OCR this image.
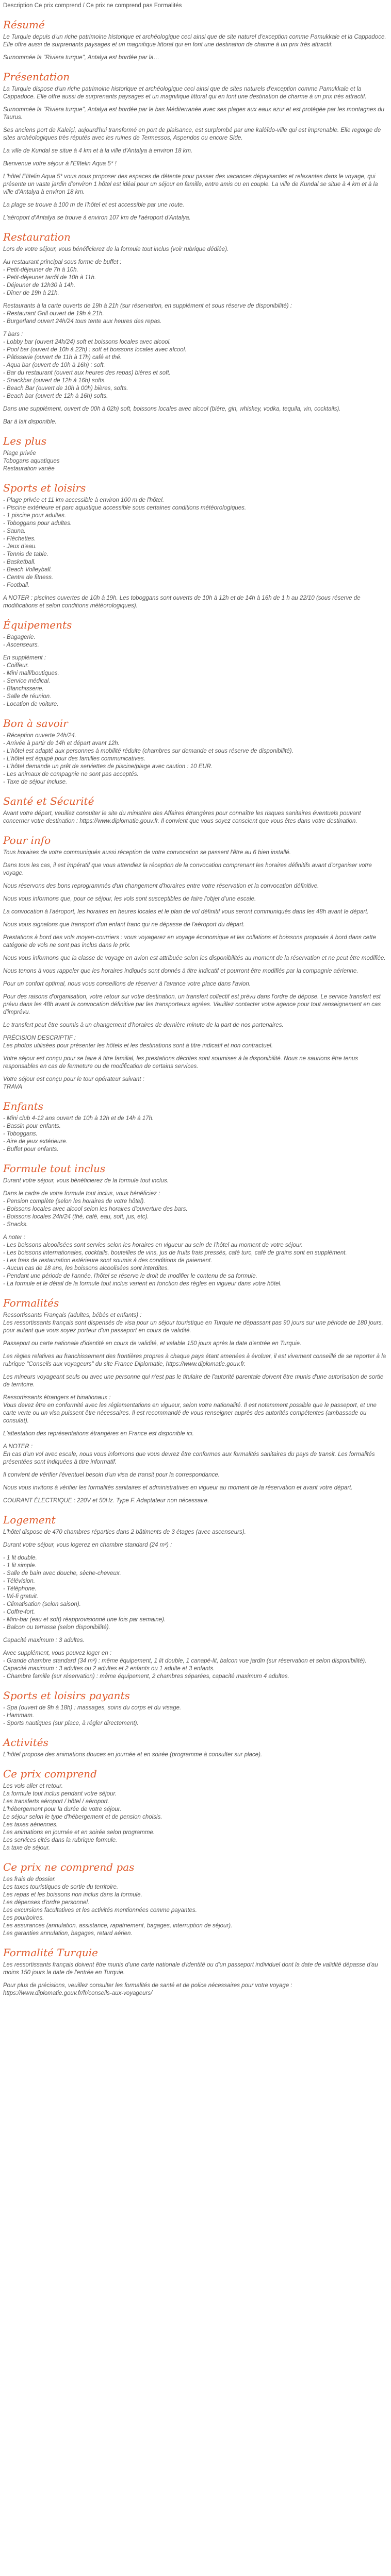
Description Ce prix comprend / Ce prix ne comprend pas Formalités
Résumé

Le Turquie depuis d'un riche patrimoine historique et archéologique ceci ainsi que de site naturel d'exception comme Pamukkale et la Cappadoce. Elle offre aussi de surprenants paysages et un magnifique littoral qui en font une destination de charme à un prix très attractif.

Surnommée la "Riviera turque", Antalya est bordée par la…

Présentation

La Turquie dispose d'un riche patrimoine historique et archéologique ceci ainsi que de sites naturels d'exception comme Pamukkale et la Cappadoce. Elle offre aussi de surprenants paysages et un magnifique littoral qui en font une destination de charme à un prix très attractif.

Surnommée la "Riviera turque", Antalya est bordée par le bas Méditerranée avec ses plages aux eaux azur et est protégée par les montagnes du Taurus.

Ses anciens port de Kaleiçi, aujourd'hui transformé en port de plaisance, est surplombé par une kaléïdo-ville qui est imprenable. Elle regorge de sites archéologiques très réputés avec les ruines de Termessos, Aspendos ou encore Side.

La ville de Kundal se situe à 4 km et à la ville d'Antalya à environ 18 km.

Bienvenue votre séjour à l'Elïtelin Aqua 5* !

L'hôtel Elïtelin Aqua 5* vous nous proposer des espaces de détente pour passer des vacances dépaysantes et relaxantes dans le voyage, qui présente un vaste jardin d'environ 1 hôtel est idéal pour un séjour en famille, entre amis ou en couple. La ville de Kundal se situe à 4 km et à la ville d'Antalya à environ 18 km.

La plage se trouve à 100 m de l'hôtel et est accessible par une route.

L'aéroport d'Antalya se trouve à environ 107 km de l'aéroport d'Antalya.

Restauration

Lors de votre séjour, vous bénéficierez de la formule tout inclus (voir rubrique dédiée).

Au restaurant principal sous forme de buffet :
- Petit-déjeuner de 7h à 10h.
- Petit-déjeuner tardif de 10h à 11h.
- Déjeuner de 12h30 à 14h.
- Dîner de 19h à 21h.

Restaurants à la carte ouverts de 19h à 21h (sur réservation, en supplément et sous réserve de disponibilité) :
- Restaurant Grill ouvert de 19h à 21h.
- Burgerland ouvert 24h/24 tous tente aux heures des repas.

7 bars :
- Lobby bar (ouvert 24h/24) soft et boissons locales avec alcool.
- Pool bar (ouvert de 10h à 22h) : soft et boissons locales avec alcool.
- Pâtisserie (ouvert de 11h à 17h) café et thé.
- Aqua bar (ouvert de 10h à 16h) : soft.
- Bar du restaurant (ouvert aux heures des repas) bières et soft.
- Snackbar (ouvert de 12h à 16h) softs.
- Beach Bar (ouvert de 10h à 00h) bières, softs.
- Beach bar (ouvert de 12h à 16h) softs.

Dans une supplément, ouvert de 00h à 02h) soft, boissons locales avec alcool (bière, gin, whiskey, vodka, tequila, vin, cocktails).

Bar à lait disponible.

Les plus

Plage privée
Tobogans aquatiques
Restauration variée

Sports et loisirs

- Plage privée et 11 km accessible à environ 100 m de l'hôtel.
- Piscine extérieure et parc aquatique accessible sous certaines conditions météorologiques.
- 1 piscine pour adultes.
- Toboggans pour adultes.
- Sauna.
- Fléchettes.
- Jeux d'eau.
- Tennis de table.
- Basketball.
- Beach Volleyball.
- Centre de fitness.
- Football.

A NOTER : piscines ouvertes de 10h à 19h. Les toboggans sont ouverts de 10h à 12h et de 14h à 16h de 1 h au 22/10 (sous réserve de modifications et selon conditions météorologiques).

Équipements

- Bagagerie.
- Ascenseurs.

En supplément :
- Coiffeur.
- Mini mall/boutiques.
- Service médical.
- Blanchisserie.
- Salle de réunion.
- Location de voiture.

Bon à savoir

- Réception ouverte 24h/24.
- Arrivée à partir de 14h et départ avant 12h.
- L'hôtel est adapté aux personnes à mobilité réduite (chambres sur demande et sous réserve de disponibilité).
- L'hôtel est équipé pour des familles communicatives.
- L'hôtel demande un prêt de serviettes de piscine/plage avec caution : 10 EUR.
- Les animaux de compagnie ne sont pas acceptés.
- Taxe de séjour incluse.

Santé et Sécurité

Avant votre départ, veuillez consulter le site du ministère des Affaires étrangères pour connaître les risques sanitaires éventuels pouvant concerner votre destination : https://www.diplomatie.gouv.fr. Il convient que vous soyez conscient que vous êtes dans votre destination.

Pour info

Tous horaires de votre communiqués aussi réception de votre convocation se passent l'être au 6 bien installé.

Dans tous les cas, il est impératif que vous attendiez la réception de la convocation comprenant les horaires définitifs avant d'organiser votre voyage.

Nous réservons des bons reprogrammés d'un changement d'horaires entre votre réservation et la convocation définitive.

Nous vous informons que, pour ce séjour, les vols sont susceptibles de faire l'objet d'une escale.

La convocation à l'aéroport, les horaires en heures locales et le plan de vol définitif vous seront communiqués dans les 48h avant le départ.

Nous vous signalons que transport d'un enfant franc qui ne dépasse de l'aéroport du départ.

Prestations à bord des vols moyen-courriers : vous voyagerez en voyage économique et les collations et boissons proposés à bord dans cette catégorie de vols ne sont pas inclus dans le prix.

Nous vous informons que la classe de voyage en avion est attribuée selon les disponibilités au moment de la réservation et ne peut être modifiée.

Nous tenons à vous rappeler que les horaires indiqués sont donnés à titre indicatif et pourront être modifiés par la compagnie aérienne.

Pour un confort optimal, nous vous conseillons de réserver à l'avance votre place dans l'avion.

Pour des raisons d'organisation, votre retour sur votre destination, un transfert collectif est prévu dans l'ordre de dépose. Le service transfert est prévu dans les 48h avant la convocation définitive par les transporteurs agrées. Veuillez contacter votre agence pour tout renseignement en cas d'imprévu.

Le transfert peut être soumis à un changement d'horaires de dernière minute de la part de nos partenaires.

PRÉCISION DESCRIPTIF :
Les photos utilisées pour présenter les hôtels et les destinations sont à titre indicatif et non contractuel.

Votre séjour est conçu pour se faire à titre familial, les prestations décrites sont soumises à la disponibilité. Nous ne saurions être tenus responsables en cas de fermeture ou de modification de certains services.

Votre séjour est conçu pour le tour opérateur suivant :
TRAVA

Enfants

- Mini club 4-12 ans ouvert de 10h à 12h et de 14h à 17h.
- Bassin pour enfants.
- Toboggans.
- Aire de jeux extérieure.
- Buffet pour enfants.

Formule tout inclus

Durant votre séjour, vous bénéficierez de la formule tout inclus.

Dans le cadre de votre formule tout inclus, vous bénéficiez :
- Pension complète (selon les horaires de votre hôtel).
- Boissons locales avec alcool selon les horaires d'ouverture des bars.
- Boissons locales 24h/24 (thé, café, eau, soft, jus, etc).
- Snacks.

A noter :
- Les boissons alcoolisées sont servies selon les horaires en vigueur au sein de l'hôtel au moment de votre séjour.
- Les boissons internationales, cocktails, bouteilles de vins, jus de fruits frais pressés, café turc, café de grains sont en supplément.
- Les frais de restauration extérieure sont soumis à des conditions de paiement.
- Aucun cas de 18 ans, les boissons alcoolisées sont interdites.
- Pendant une période de l'année, l'hôtel se réserve le droit de modifier le contenu de sa formule.
- La formule et le détail de la formule tout inclus varient en fonction des règles en vigueur dans votre hôtel.

Formalités

Ressortissants Français (adultes, bébés et enfants) :
Les ressortissants français sont dispensés de visa pour un séjour touristique en Turquie ne dépassant pas 90 jours sur une période de 180 jours, pour autant que vous soyez porteur d'un passeport en cours de validité.

Passeport ou carte nationale d'identité en cours de validité, et valable 150 jours après la date d'entrée en Turquie.

Les règles relatives au franchissement des frontières propres à chaque pays étant amenées à évoluer, il est vivement conseillé de se reporter à la rubrique "Conseils aux voyageurs" du site France Diplomatie, https://www.diplomatie.gouv.fr.

Les mineurs voyageant seuls ou avec une personne qui n'est pas le titulaire de l'autorité parentale doivent être munis d'une autorisation de sortie de territoire.

Ressortissants étrangers et binationaux :
Vous devez être en conformité avec les réglementations en vigueur, selon votre nationalité. Il est notamment possible que le passeport, et une carte verte ou un visa puissent être nécessaires. Il est recommandé de vous renseigner auprès des autorités compétentes (ambassade ou consulat).

L'attestation des représentations étrangères en France est disponible ici.

A NOTER :
En cas d'un vol avec escale, nous vous informons que vous devrez être conformes aux formalités sanitaires du pays de transit. Les formalités présentées sont indiquées à titre informatif.

Il convient de vérifier l'éventuel besoin d'un visa de transit pour la correspondance.

Nous vous invitons à vérifier les formalités sanitaires et administratives en vigueur au moment de la réservation et avant votre départ.

COURANT ÉLECTRIQUE : 220V et 50Hz. Type F. Adaptateur non nécessaire.

Logement

L'hôtel dispose de 470 chambres réparties dans 2 bâtiments de 3 étages (avec ascenseurs).

Durant votre séjour, vous logerez en chambre standard (24 m²) :

- 1 lit double.
- 1 lit simple.
- Salle de bain avec douche, sèche-cheveux.
- Télévision.
- Téléphone.
- Wi-fi gratuit.
- Climatisation (selon saison).
- Coffre-fort.
- Mini-bar (eau et soft) réapprovisionné une fois par semaine).
- Balcon ou terrasse (selon disponibilité).

Capacité maximum : 3 adultes.

Avec supplément, vous pouvez loger en :
- Grande chambre standard (34 m²) : même équipement, 1 lit double, 1 canapé-lit, balcon vue jardin (sur réservation et selon disponibilité). Capacité maximum : 3 adultes ou 2 adultes et 2 enfants ou 1 adulte et 3 enfants.
- Chambre famille (sur réservation) : même équipement, 2 chambres séparées, capacité maximum 4 adultes.

Sports et loisirs payants

- Spa (ouvert de 9h à 18h) : massages, soins du corps et du visage.
- Hammam.
- Sports nautiques (sur place, à régler directement).

Activités

L'hôtel propose des animations douces en journée et en soirée (programme à consulter sur place).

Ce prix comprend

Les vols aller et retour.
La formule tout inclus pendant votre séjour.
Les transferts aéroport / hôtel / aéroport.
L'hébergement pour la durée de votre séjour.
Le séjour selon le type d'hébergement et de pension choisis.
Les taxes aériennes.
Les animations en journée et en soirée selon programme.
Les services cités dans la rubrique formule.
La taxe de séjour.

Ce prix ne comprend pas

Les frais de dossier.
Les taxes touristiques de sortie du territoire.
Les repas et les boissons non inclus dans la formule.
Les dépenses d'ordre personnel.
Les excursions facultatives et les activités mentionnées comme payantes.
Les pourboires.
Les assurances (annulation, assistance, rapatriement, bagages, interruption de séjour).
Les garanties annulation, bagages, retard aérien.

Formalité Turquie

Les ressortissants français doivent être munis d'une carte nationale d'identité ou d'un passeport individuel dont la date de validité dépasse d'au moins 150 jours la date de l'entrée en Turquie.

Pour plus de précisions, veuillez consulter les formalités de santé et de police nécessaires pour votre voyage : https://www.diplomatie.gouv.fr/fr/conseils-aux-voyageurs/
